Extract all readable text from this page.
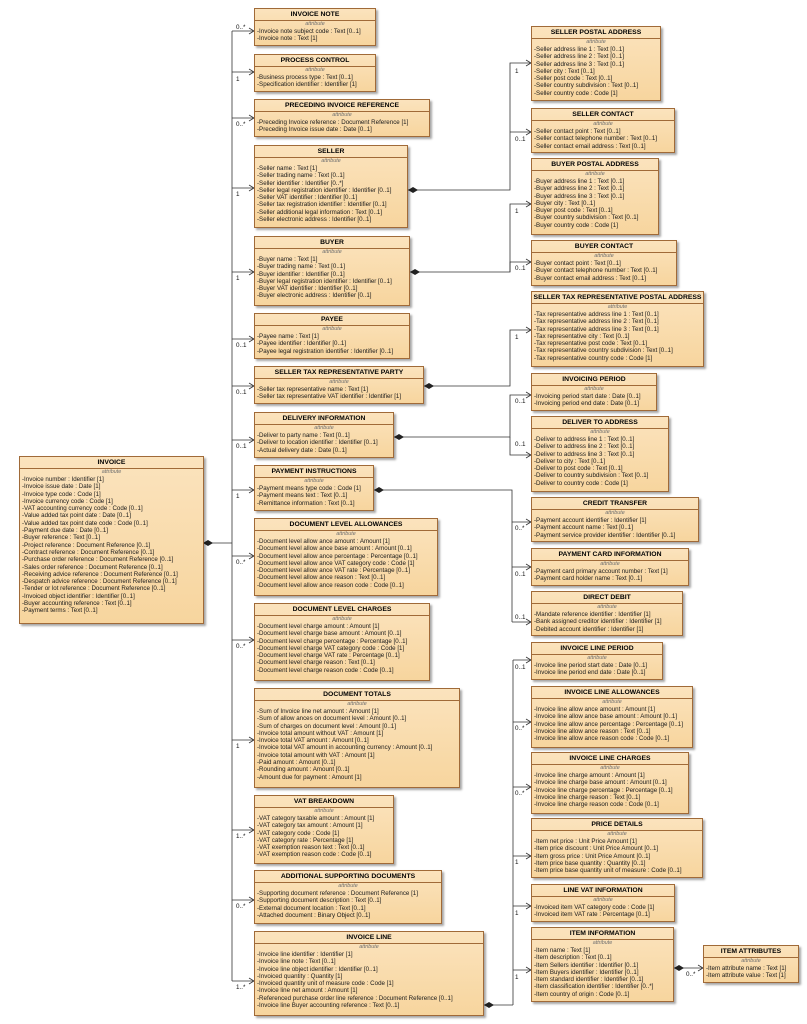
INVOICE
attribute
-Invoice number : Identifier [1]
-Invoice issue date : Date [1]
-Invoice type code : Code [1]
-Invoice currency code : Code [1]
-VAT accounting currency code : Code [0..1]
-Value added tax point date : Date [0..1]
-Value added tax point date code : Code [0..1]
-Payment due date : Date [0..1]
-Buyer reference : Text [0..1]
-Project reference : Document Reference [0..1]
-Contract reference : Document Reference [0..1]
-Purchase order reference : Document Reference [0..1]
-Sales order reference : Document Reference [0..1]
-Receiving advice reference : Document Reference [0..1]
-Despatch advice reference : Document Reference [0..1]
-Tender or lot reference : Document Reference [0..1]
-Invoiced object identifier : Identifier [0..1]
-Buyer accounting reference : Text [0..1]
-Payment terms : Text [0..1]
INVOICE NOTE
attribute
-Invoice note subject code : Text [0..1]
-Invoice note : Text [1]
PROCESS CONTROL
attribute
-Business process type : Text [0..1]
-Specification identifier : Identifier [1]
PRECEDING INVOICE REFERENCE
attribute
-Preceding Invoice reference : Document Reference [1]
-Preceding Invoice issue date : Date [0..1]
SELLER
attribute
-Seller name : Text [1]
-Seller trading name : Text [0..1]
-Seller identifier : Identifier [0..*]
-Seller legal registration identifier : Identifier [0..1]
-Seller VAT identifier : Identifier [0..1]
-Seller tax registration identifier : Identifier [0..1]
-Seller additional legal information : Text [0..1]
-Seller electronic address : Identifier [0..1]
BUYER
attribute
-Buyer name : Text [1]
-Buyer trading name : Text [0..1]
-Buyer identifier : Identifier [0..1]
-Buyer legal registration identifier : Identifier [0..1]
-Buyer VAT identifier : Identifier [0..1]
-Buyer electronic address : Identifier [0..1]
PAYEE
attribute
-Payee name : Text [1]
-Payee identifier : Identifier [0..1]
-Payee legal registration identifier : Identifier [0..1]
SELLER TAX REPRESENTATIVE PARTY
attribute
-Seller tax representative name : Text [1]
-Seller tax representative VAT identifier : Identifier [1]
DELIVERY INFORMATION
attribute
-Deliver to party name : Text [0..1]
-Deliver to location identifier : Identifier [0..1]
-Actual delivery date : Date [0..1]
PAYMENT INSTRUCTIONS
attribute
-Payment means type code : Code [1]
-Payment means text : Text [0..1]
-Remittance information : Text [0..1]
DOCUMENT LEVEL ALLOWANCES
attribute
-Document level allow ance amount : Amount [1]
-Document level allow ance base amount : Amount [0..1]
-Document level allow ance percentage : Percentage [0..1]
-Document level allow ance VAT category code : Code [1]
-Document level allow ance VAT rate : Percentage [0..1]
-Document level allow ance reason : Text [0..1]
-Document level allow ance reason code : Code [0..1]
DOCUMENT LEVEL CHARGES
attribute
-Document level charge amount : Amount [1]
-Document level charge base amount : Amount [0..1]
-Document level charge percentage : Percentage [0..1]
-Document level charge VAT category code : Code [1]
-Document level charge VAT rate : Percentage [0..1]
-Document level charge reason : Text [0..1]
-Document level charge reason code : Code [0..1]
DOCUMENT TOTALS
attribute
-Sum of Invoice line net amount : Amount [1]
-Sum of allow ances on document level : Amount [0..1]
-Sum of charges on document level : Amount [0..1]
-Invoice total amount without VAT : Amount [1]
-Invoice total VAT amount : Amount [0..1]
-Invoice total VAT amount in accounting currency : Amount [0..1]
-Invoice total amount with VAT : Amount [1]
-Paid amount : Amount [0..1]
-Rounding amount : Amount [0..1]
-Amount due for payment : Amount [1]
VAT BREAKDOWN
attribute
-VAT category taxable amount : Amount [1]
-VAT category tax amount : Amount [1]
-VAT category code : Code [1]
-VAT category rate : Percentage [1]
-VAT exemption reason text : Text [0..1]
-VAT exemption reason code : Code [0..1]
ADDITIONAL SUPPORTING DOCUMENTS
attribute
-Supporting document reference : Document Reference [1]
-Supporting document description : Text [0..1]
-External document location : Text [0..1]
-Attached document : Binary Object [0..1]
INVOICE LINE
attribute
-Invoice line identifier : Identifier [1]
-Invoice line note : Text [0..1]
-Invoice line object identifier : Identifier [0..1]
-Invoiced quantity : Quantity [1]
-Invoiced quantity unit of measure code : Code [1]
-Invoice line net amount : Amount [1]
-Referenced purchase order line reference : Document Reference [0..1]
-Invoice line Buyer accounting reference : Text [0..1]
SELLER POSTAL ADDRESS
attribute
-Seller address line 1 : Text [0..1]
-Seller address line 2 : Text [0..1]
-Seller address line 3 : Text [0..1]
-Seller city : Text [0..1]
-Seller post code : Text [0..1]
-Seller country subdivision : Text [0..1]
-Seller country code : Code [1]
SELLER CONTACT
attribute
-Seller contact point : Text [0..1]
-Seller contact telephone number : Text [0..1]
-Seller contact email address : Text [0..1]
BUYER POSTAL ADDRESS
attribute
-Buyer address line 1 : Text [0..1]
-Buyer address line 2 : Text [0..1]
-Buyer address line 3 : Text [0..1]
-Buyer city : Text [0..1]
-Buyer post code : Text [0..1]
-Buyer country subdivision : Text [0..1]
-Buyer country code : Code [1]
BUYER CONTACT
attribute
-Buyer contact point : Text [0..1]
-Buyer contact telephone number : Text [0..1]
-Buyer contact email address : Text [0..1]
SELLER TAX REPRESENTATIVE POSTAL ADDRESS
attribute
-Tax representative address line 1 : Text [0..1]
-Tax representative address line 2 : Text [0..1]
-Tax representative address line 3 : Text [0..1]
-Tax representative city : Text [0..1]
-Tax representative post code : Text [0..1]
-Tax representative country subdivision : Text [0..1]
-Tax representative country code : Code [1]
INVOICING PERIOD
attribute
-Invoicing period start date : Date [0..1]
-Invoicing period end date : Date [0..1]
DELIVER TO ADDRESS
attribute
-Deliver to address line 1 : Text [0..1]
-Deliver to address line 2 : Text [0..1]
-Deliver to address line 3 : Text [0..1]
-Deliver to city : Text [0..1]
-Deliver to post code : Text [0..1]
-Deliver to country subdivision : Text [0..1]
-Deliver to country code : Code [1]
CREDIT TRANSFER
attribute
-Payment account identifier : Identifier [1]
-Payment account name : Text [0..1]
-Payment service provider identifier : Identifier [0..1]
PAYMENT CARD INFORMATION
attribute
-Payment card primary account number : Text [1]
-Payment card holder name : Text [0..1]
DIRECT DEBIT
attribute
-Mandate reference identifier : Identifier [1]
-Bank assigned creditor identifier : Identifier [1]
-Debited account identifier : Identifier [1]
INVOICE LINE PERIOD
attribute
-Invoice line period start date : Date [0..1]
-Invoice line period end date : Date [0..1]
INVOICE LINE ALLOWANCES
attribute
-Invoice line allow ance amount : Amount [1]
-Invoice line allow ance base amount : Amount [0..1]
-Invoice line allow ance percentage : Percentage [0..1]
-Invoice line allow ance reason : Text [0..1]
-Invoice line allow ance reason code : Code [0..1]
INVOICE LINE CHARGES
attribute
-Invoice line charge amount : Amount [1]
-Invoice line charge base amount : Amount [0..1]
-Invoice line charge percentage : Percentage [0..1]
-Invoice line charge reason : Text [0..1]
-Invoice line charge reason code : Code [0..1]
PRICE DETAILS
attribute
-Item net price : Unit Price Amount [1]
-Item price discount : Unit Price Amount [0..1]
-Item gross price : Unit Price Amount [0..1]
-Item price base quantity : Quantity [0..1]
-Item price base quantity unit of measure : Code [0..1]
LINE VAT INFORMATION
attribute
-Invoiced item VAT category code : Code [1]
-Invoiced item VAT rate : Percentage [0..1]
ITEM INFORMATION
attribute
-Item name : Text [1]
-Item description : Text [0..1]
-Item Sellers identifier : Identifier [0..1]
-Item Buyers identifier : Identifier [0..1]
-Item standard identifier : Identifier [0..1]
-Item classification identifier : Identifier [0..*]
-Item country of origin : Code [0..1]
ITEM ATTRIBUTES
attribute
-Item attribute name : Text [1]
-Item attribute value : Text [1]
0..*
1
0..*
1
1
0..1
0..1
0..1
1
0..*
0..*
1
1..*
0..*
1..*
1
0..1
1
0..1
1
0..1
0..1
0..*
0..1
0..1
0..1
0..*
0..*
1
1
1	0..*
